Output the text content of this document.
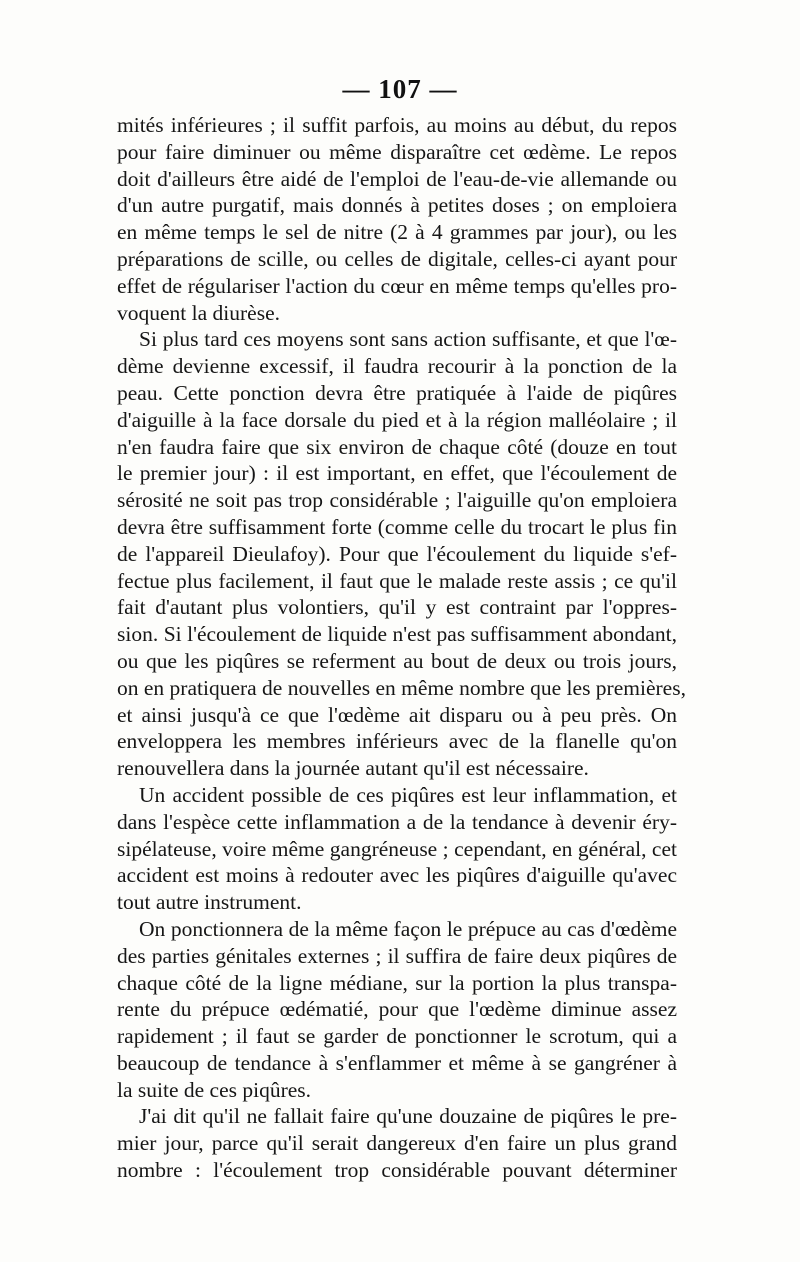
— 107 —
mités inférieures ; il suffit parfois, au moins au début, du repos
pour faire diminuer ou même disparaître cet œdème. Le repos
doit d'ailleurs être aidé de l'emploi de l'eau-de-vie allemande ou
d'un autre purgatif, mais donnés à petites doses ; on emploiera
en même temps le sel de nitre (2 à 4 grammes par jour), ou les
préparations de scille, ou celles de digitale, celles-ci ayant pour
effet de régulariser l'action du cœur en même temps qu'elles pro-
voquent la diurèse.
Si plus tard ces moyens sont sans action suffisante, et que l'œ-
dème devienne excessif, il faudra recourir à la ponction de la
peau. Cette ponction devra être pratiquée à l'aide de piqûres
d'aiguille à la face dorsale du pied et à la région malléolaire ; il
n'en faudra faire que six environ de chaque côté (douze en tout
le premier jour) : il est important, en effet, que l'écoulement de
sérosité ne soit pas trop considérable ; l'aiguille qu'on emploiera
devra être suffisamment forte (comme celle du trocart le plus fin
de l'appareil Dieulafoy). Pour que l'écoulement du liquide s'ef-
fectue plus facilement, il faut que le malade reste assis ; ce qu'il
fait d'autant plus volontiers, qu'il y est contraint par l'oppres-
sion. Si l'écoulement de liquide n'est pas suffisamment abondant,
ou que les piqûres se referment au bout de deux ou trois jours,
on en pratiquera de nouvelles en même nombre que les premières,
et ainsi jusqu'à ce que l'œdème ait disparu ou à peu près. On
enveloppera les membres inférieurs avec de la flanelle qu'on
renouvellera dans la journée autant qu'il est nécessaire.
Un accident possible de ces piqûres est leur inflammation, et
dans l'espèce cette inflammation a de la tendance à devenir éry-
sipélateuse, voire même gangréneuse ; cependant, en général, cet
accident est moins à redouter avec les piqûres d'aiguille qu'avec
tout autre instrument.
On ponctionnera de la même façon le prépuce au cas d'œdème
des parties génitales externes ; il suffira de faire deux piqûres de
chaque côté de la ligne médiane, sur la portion la plus transpa-
rente du prépuce œdématié, pour que l'œdème diminue assez
rapidement ; il faut se garder de ponctionner le scrotum, qui a
beaucoup de tendance à s'enflammer et même à se gangréner à
la suite de ces piqûres.
J'ai dit qu'il ne fallait faire qu'une douzaine de piqûres le pre-
mier jour, parce qu'il serait dangereux d'en faire un plus grand
nombre : l'écoulement trop considérable pouvant déterminer
